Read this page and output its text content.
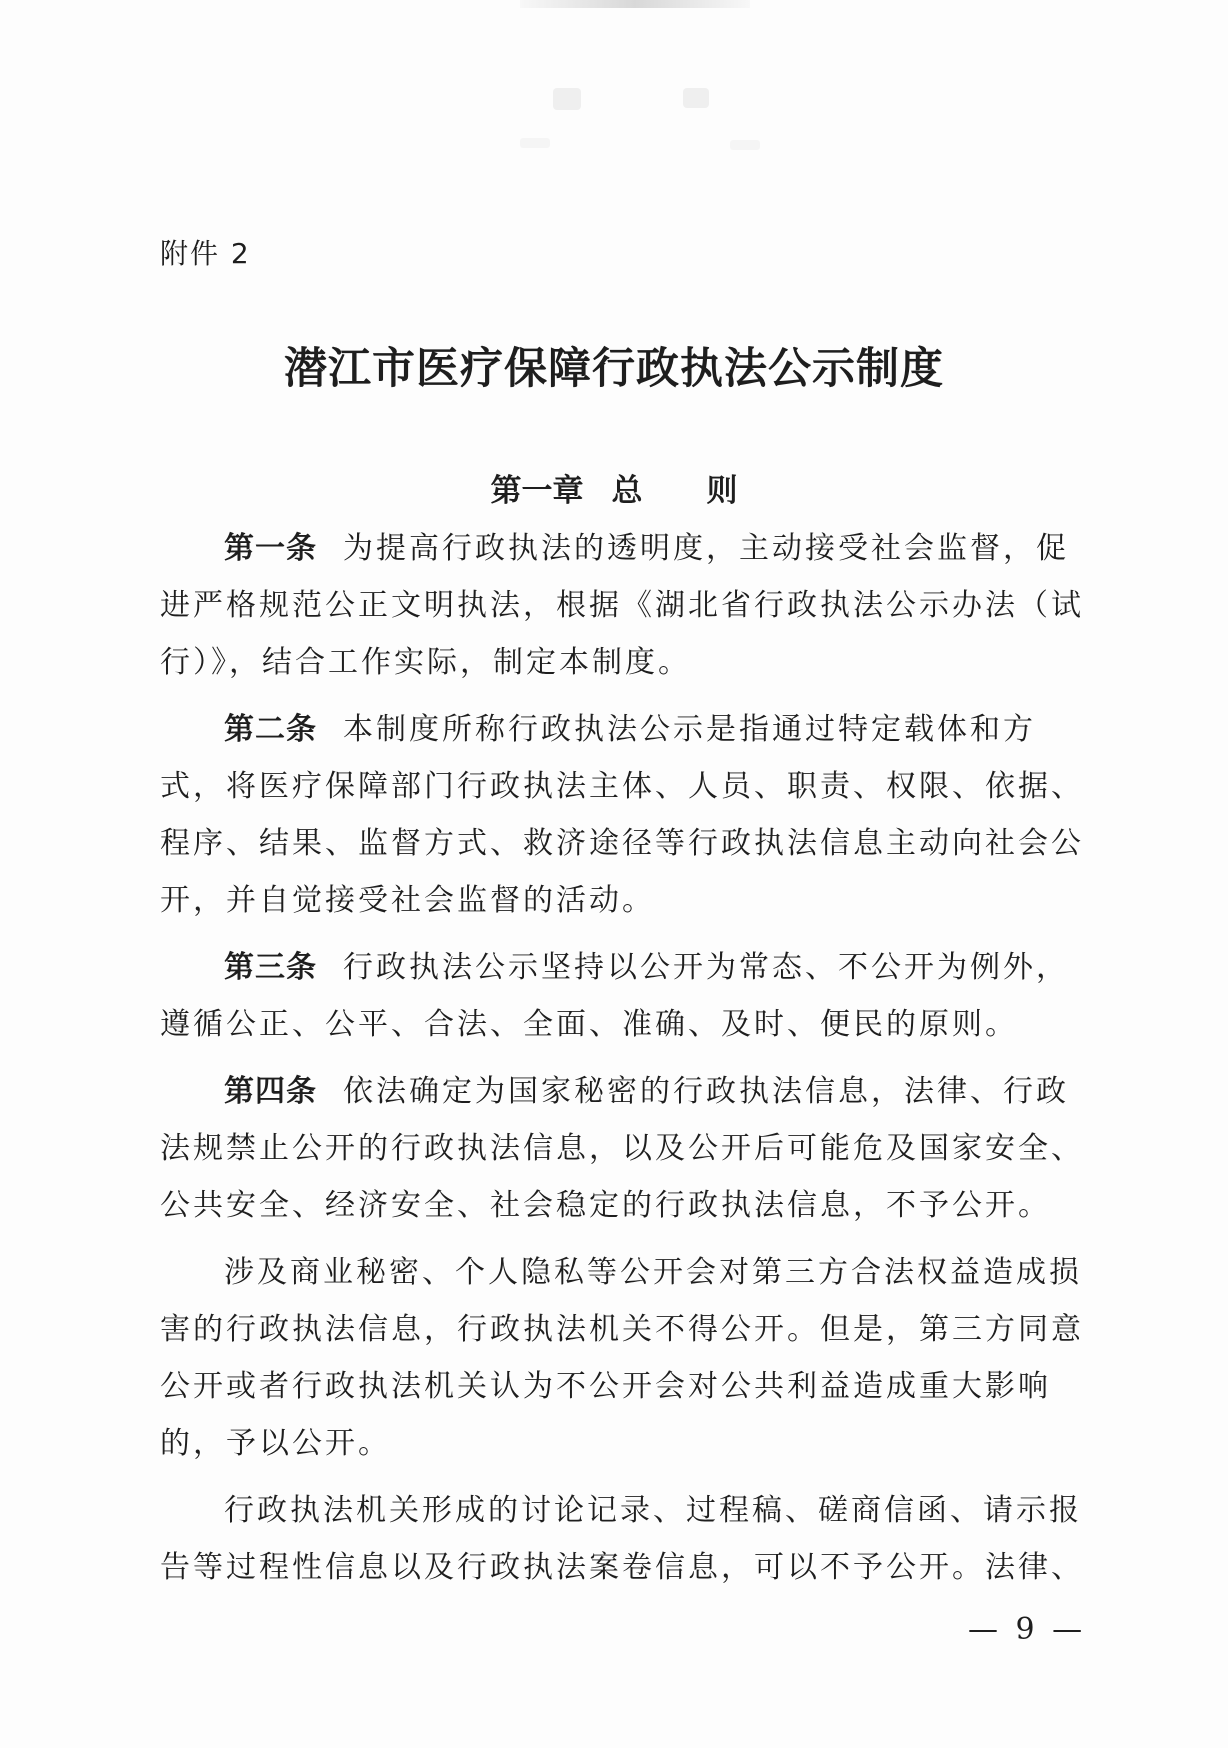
附件 2
潜江市医疗保障行政执法公示制度
第一章 总 则

第一条 为提高行政执法的透明度，主动接受社会监督，促
进严格规范公正文明执法，根据《湖北省行政执法公示办法（试
行）》，结合工作实际，制定本制度。

第二条 本制度所称行政执法公示是指通过特定载体和方
式，将医疗保障部门行政执法主体、人员、职责、权限、依据、
程序、结果、监督方式、救济途径等行政执法信息主动向社会公
开，并自觉接受社会监督的活动。

第三条 行政执法公示坚持以公开为常态、不公开为例外，
遵循公正、公平、合法、全面、准确、及时、便民的原则。

第四条 依法确定为国家秘密的行政执法信息，法律、行政
法规禁止公开的行政执法信息，以及公开后可能危及国家安全、
公共安全、经济安全、社会稳定的行政执法信息，不予公开。

涉及商业秘密、个人隐私等公开会对第三方合法权益造成损
害的行政执法信息，行政执法机关不得公开。但是，第三方同意
公开或者行政执法机关认为不公开会对公共利益造成重大影响
的，予以公开。

行政执法机关形成的讨论记录、过程稿、磋商信函、请示报
告等过程性信息以及行政执法案卷信息，可以不予公开。法律、

— 9 —
